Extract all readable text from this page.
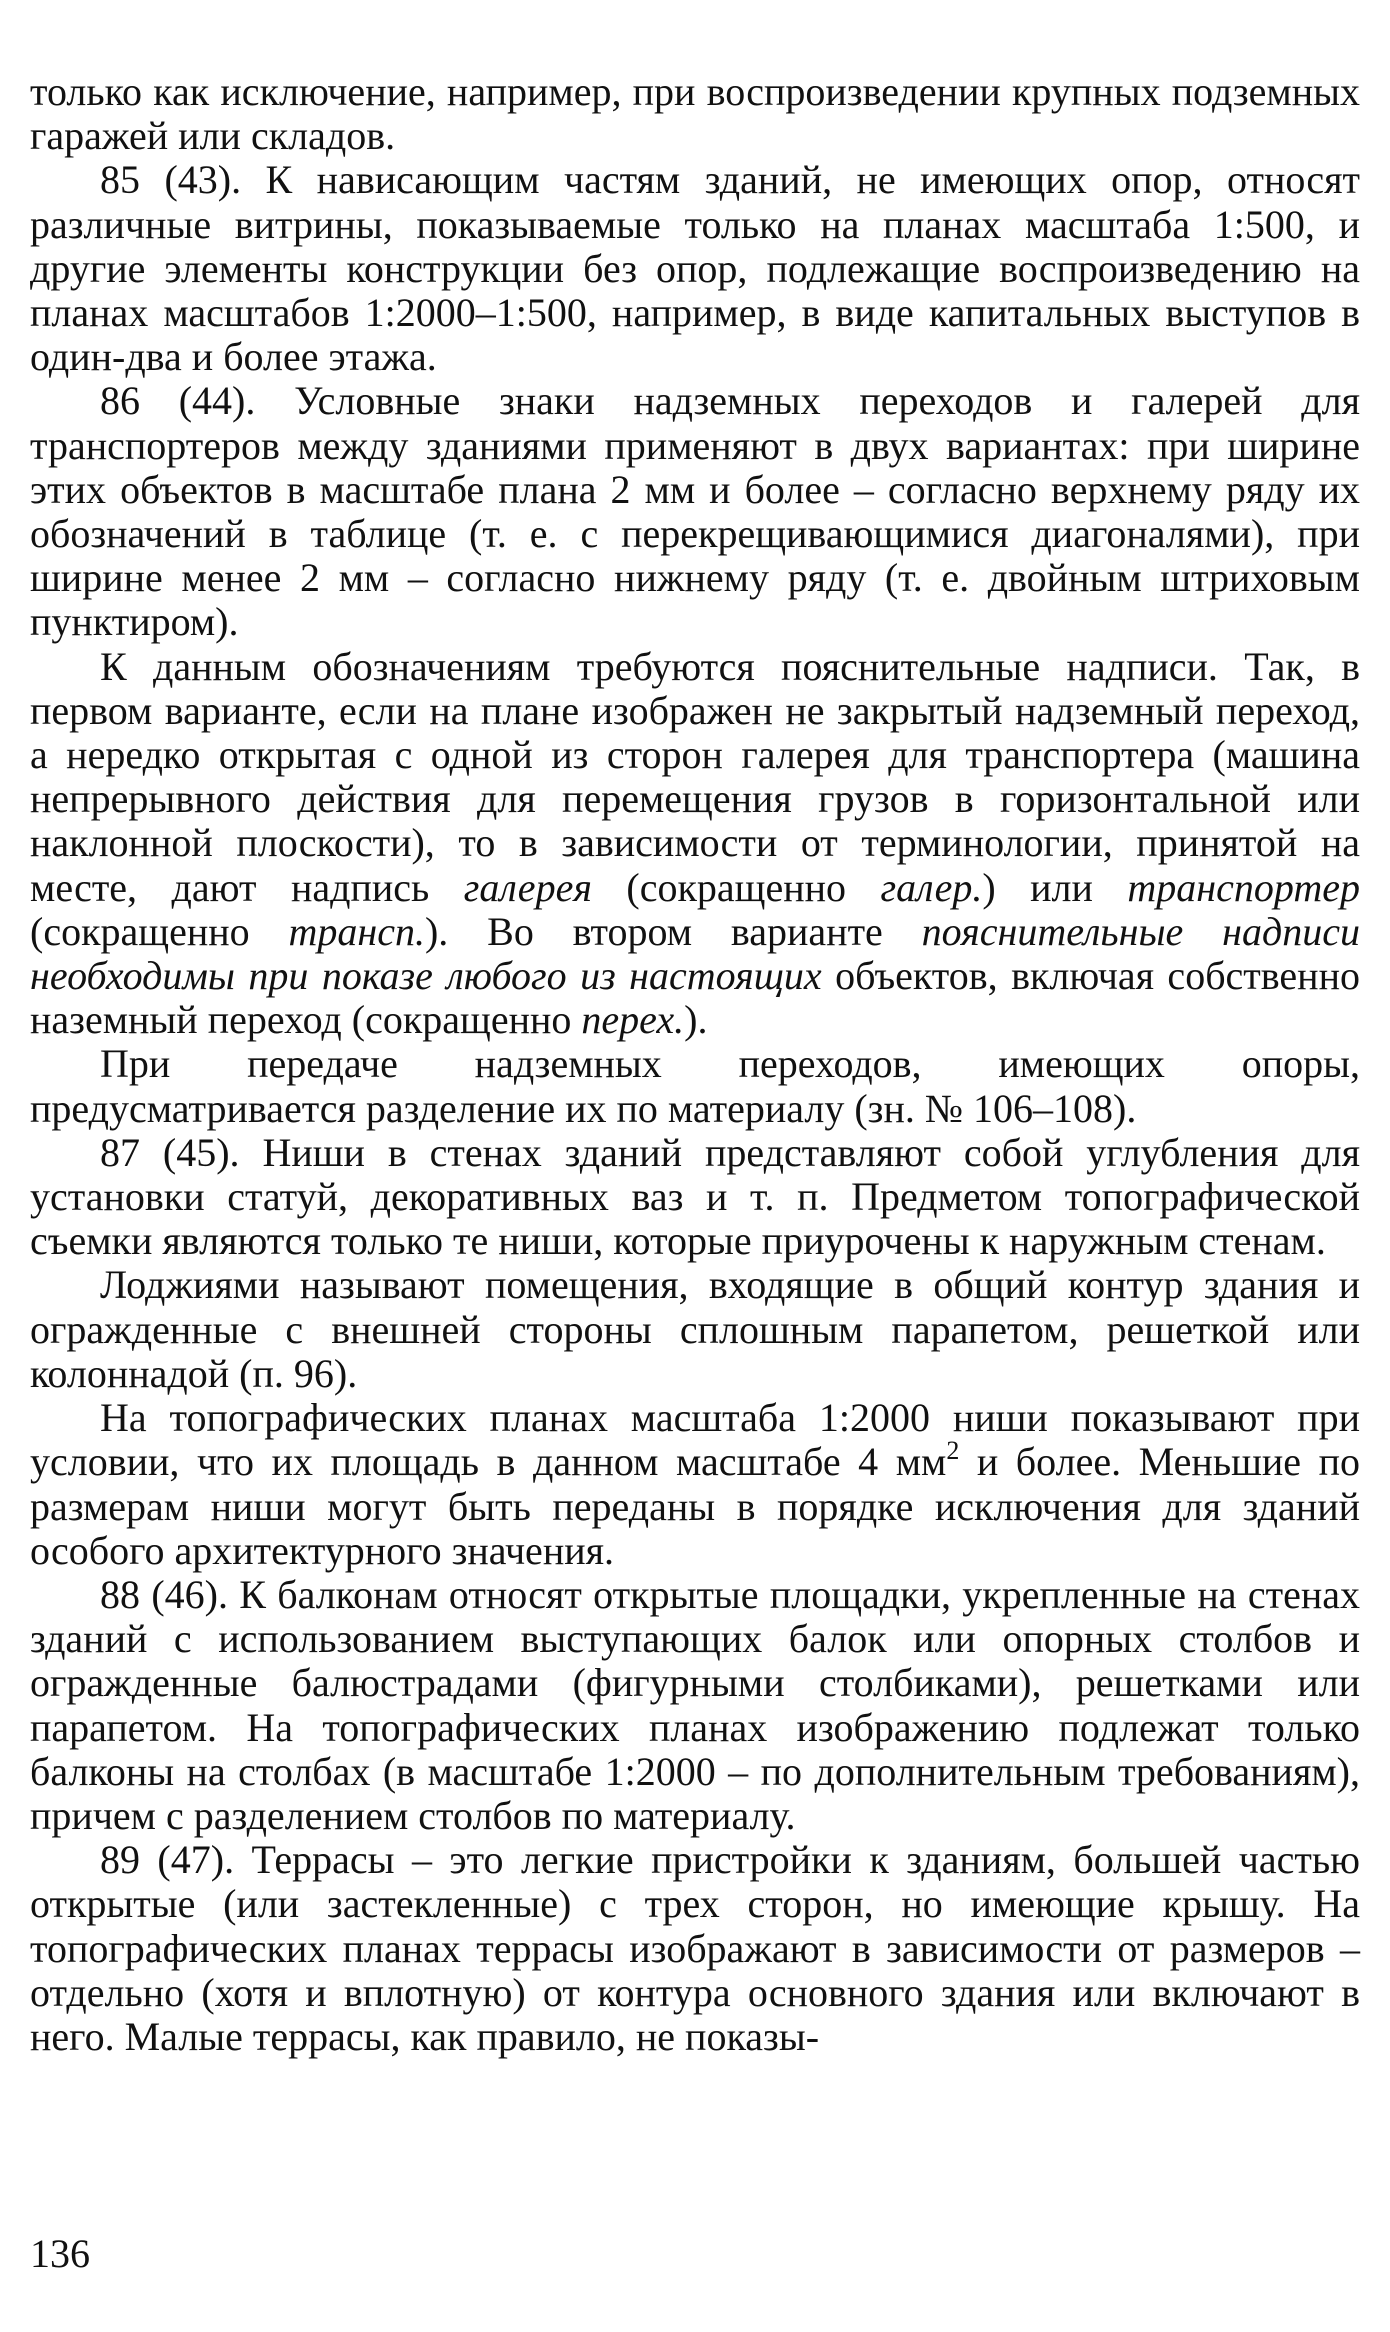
только как исключение, например, при воспроизведении крупных подземных гаражей или складов.

85 (43). К нависающим частям зданий, не имеющих опор, относят различные витрины, показываемые только на планах масштаба 1:500, и другие элементы конструкции без опор, подлежащие воспроизведению на планах масштабов 1:2000–1:500, например, в виде капитальных выступов в один-два и более этажа.

86 (44). Условные знаки надземных переходов и галерей для транспортеров между зданиями применяют в двух вариантах: при ширине этих объектов в масштабе плана 2 мм и более – согласно верхнему ряду их обозначений в таблице (т. е. с перекрещивающимися диагоналями), при ширине менее 2 мм – согласно нижнему ряду (т. е. двойным штриховым пунктиром).

К данным обозначениям требуются пояснительные надписи. Так, в первом варианте, если на плане изображен не закрытый надземный переход, а нередко открытая с одной из сторон галерея для транспортера (машина непрерывного действия для перемещения грузов в горизонтальной или наклонной плоскости), то в зависимости от терминологии, принятой на месте, дают надпись галерея (сокращенно галер.) или транспортер (сокращенно трансп.). Во втором варианте пояснительные надписи необходимы при показе любого из настоящих объектов, включая собственно наземный переход (сокращенно перех.).

При передаче надземных переходов, имеющих опоры, предусматривается разделение их по материалу (зн. № 106–108).

87 (45). Ниши в стенах зданий представляют собой углубления для установки статуй, декоративных ваз и т. п. Предметом топографической съемки являются только те ниши, которые приурочены к наружным стенам.

Лоджиями называют помещения, входящие в общий контур здания и огражденные с внешней стороны сплошным парапетом, решеткой или колоннадой (п. 96).

На топографических планах масштаба 1:2000 ниши показывают при условии, что их площадь в данном масштабе 4 $мм^2$ и более. Меньшие по размерам ниши могут быть переданы в порядке исключения для зданий особого архитектурного значения.

88 (46). К балконам относят открытые площадки, укрепленные на стенах зданий с использованием выступающих балок или опорных столбов и огражденные балюстрадами (фигурными столбиками), решетками или парапетом. На топографических планах изображению подлежат только балконы на столбах (в масштабе 1:2000 – по дополнительным требованиям), причем с разделением столбов по материалу.

89 (47). Террасы – это легкие пристройки к зданиям, большей частью открытые (или застекленные) с трех сторон, но имеющие крышу. На топографических планах террасы изображают в зависимости от размеров – отдельно (хотя и вплотную) от контура основного здания или включают в него. Малые террасы, как правило, не показы-

136
